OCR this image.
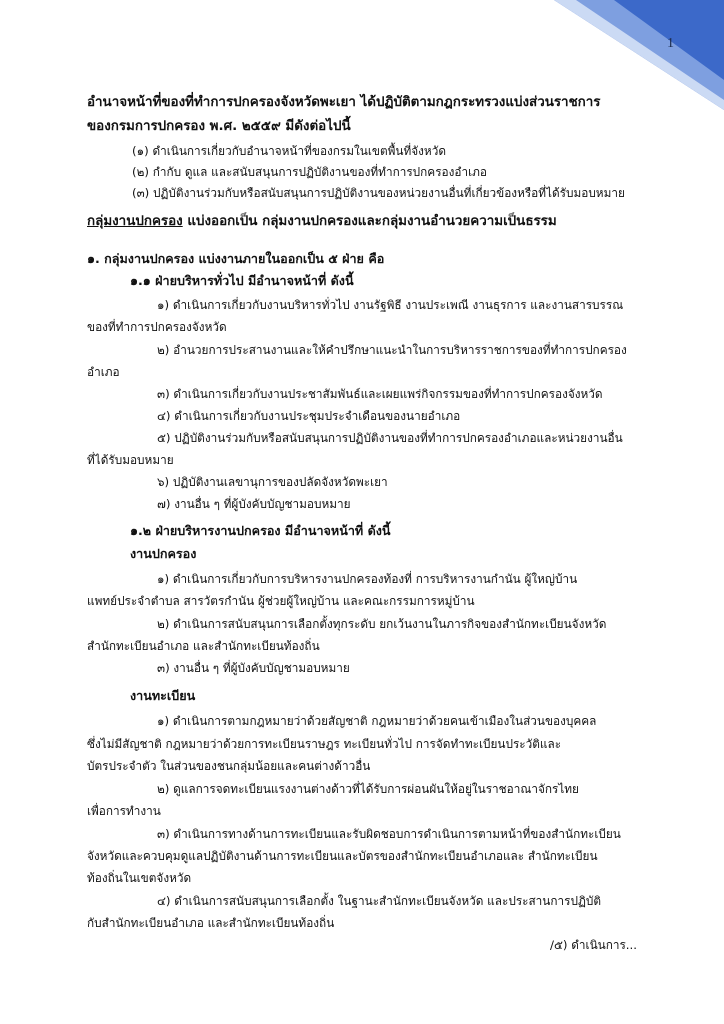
1
อำนาจหน้าที่ของที่ทำการปกครองจังหวัดพะเยา ได้ปฏิบัติตามกฎกระทรวงแบ่งส่วนราชการ
ของกรมการปกครอง พ.ศ. ๒๕๕๙ มีดังต่อไปนี้
(๑) ดำเนินการเกี่ยวกับอำนาจหน้าที่ของกรมในเขตพื้นที่จังหวัด
(๒) กำกับ ดูแล และสนับสนุนการปฏิบัติงานของที่ทำการปกครองอำเภอ
(๓) ปฏิบัติงานร่วมกับหรือสนับสนุนการปฏิบัติงานของหน่วยงานอื่นที่เกี่ยวข้องหรือที่ได้รับมอบหมาย
กลุ่มงานปกครอง แบ่งออกเป็น กลุ่มงานปกครองและกลุ่มงานอำนวยความเป็นธรรม
๑. กลุ่มงานปกครอง แบ่งงานภายในออกเป็น ๕ ฝ่าย คือ
๑.๑ ฝ่ายบริหารทั่วไป มีอำนาจหน้าที่ ดังนี้
๑) ดำเนินการเกี่ยวกับงานบริหารทั่วไป งานรัฐพิธี งานประเพณี งานธุรการ และงานสารบรรณ
ของที่ทำการปกครองจังหวัด
๒) อำนวยการประสานงานและให้คำปรึกษาแนะนำในการบริหารราชการของที่ทำการปกครอง
อำเภอ
๓) ดำเนินการเกี่ยวกับงานประชาสัมพันธ์และเผยแพร่กิจกรรมของที่ทำการปกครองจังหวัด
๔) ดำเนินการเกี่ยวกับงานประชุมประจำเดือนของนายอำเภอ
๕) ปฏิบัติงานร่วมกับหรือสนับสนุนการปฏิบัติงานของที่ทำการปกครองอำเภอและหน่วยงานอื่น
ที่ได้รับมอบหมาย
๖) ปฏิบัติงานเลขานุการของปลัดจังหวัดพะเยา
๗) งานอื่น ๆ ที่ผู้บังคับบัญชามอบหมาย
๑.๒ ฝ่ายบริหารงานปกครอง มีอำนาจหน้าที่ ดังนี้
งานปกครอง
๑) ดำเนินการเกี่ยวกับการบริหารงานปกครองท้องที่ การบริหารงานกำนัน ผู้ใหญ่บ้าน
แพทย์ประจำตำบล สารวัตรกำนัน ผู้ช่วยผู้ใหญ่บ้าน และคณะกรรมการหมู่บ้าน
๒) ดำเนินการสนับสนุนการเลือกตั้งทุกระดับ ยกเว้นงานในภารกิจของสำนักทะเบียนจังหวัด
สำนักทะเบียนอำเภอ และสำนักทะเบียนท้องถิ่น
๓) งานอื่น ๆ ที่ผู้บังคับบัญชามอบหมาย
งานทะเบียน
๑) ดำเนินการตามกฎหมายว่าด้วยสัญชาติ กฎหมายว่าด้วยคนเข้าเมืองในส่วนของบุคคล
ซึ่งไม่มีสัญชาติ กฎหมายว่าด้วยการทะเบียนราษฎร ทะเบียนทั่วไป การจัดทำทะเบียนประวัติและ
บัตรประจำตัว ในส่วนของชนกลุ่มน้อยและคนต่างด้าวอื่น
๒) ดูแลการจดทะเบียนแรงงานต่างด้าวที่ได้รับการผ่อนผันให้อยู่ในราชอาณาจักรไทย
เพื่อการทำงาน
๓) ดำเนินการทางด้านการทะเบียนและรับผิดชอบการดำเนินการตามหน้าที่ของสำนักทะเบียน
จังหวัดและควบคุมดูแลปฏิบัติงานด้านการทะเบียนและบัตรของสำนักทะเบียนอำเภอและ สำนักทะเบียน
ท้องถิ่นในเขตจังหวัด
๔) ดำเนินการสนับสนุนการเลือกตั้ง ในฐานะสำนักทะเบียนจังหวัด และประสานการปฏิบัติ
กับสำนักทะเบียนอำเภอ และสำนักทะเบียนท้องถิ่น
/๕) ดำเนินการ...
